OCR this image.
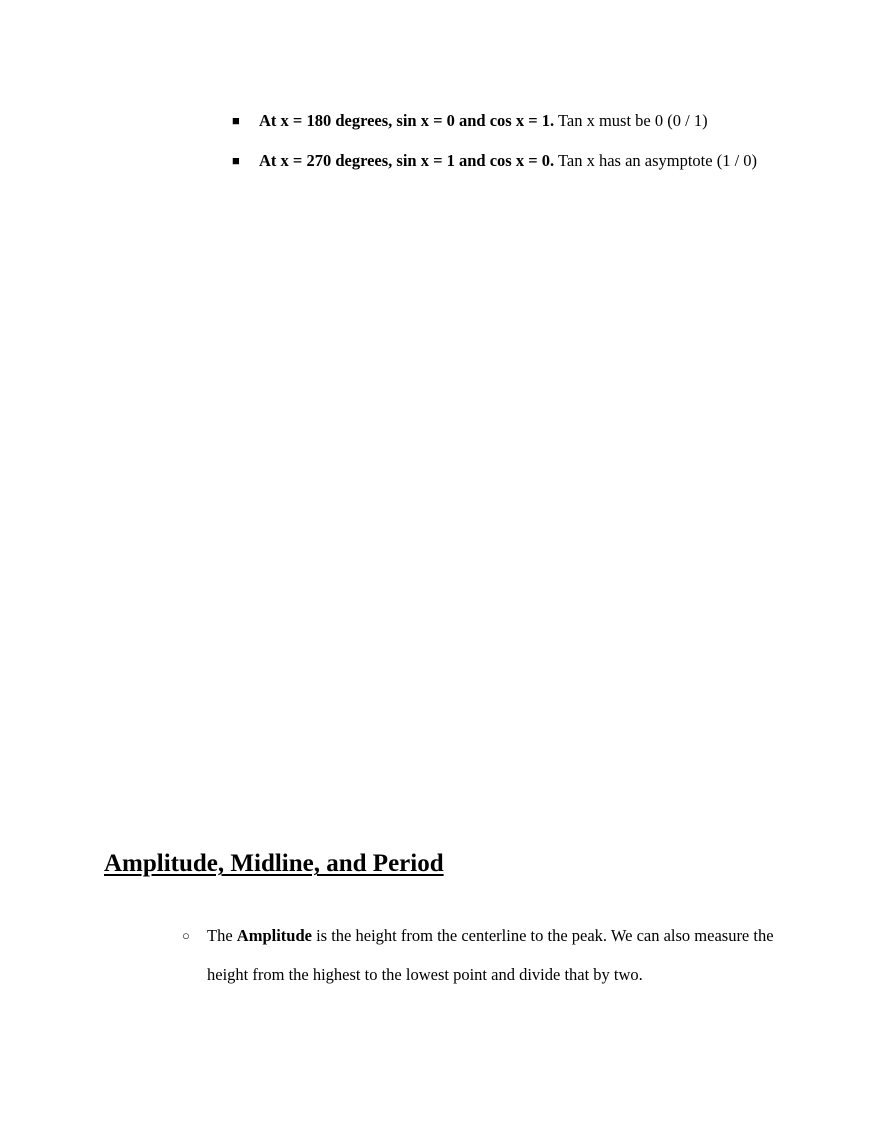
■ At x = 180 degrees, sin x = 0 and cos x = 1. Tan x must be 0 (0 / 1)
■ At x = 270 degrees, sin x = 1 and cos x = 0. Tan x has an asymptote (1 / 0)
Amplitude, Midline, and Period
○ The Amplitude is the height from the centerline to the peak. We can also measure the height from the highest to the lowest point and divide that by two.
